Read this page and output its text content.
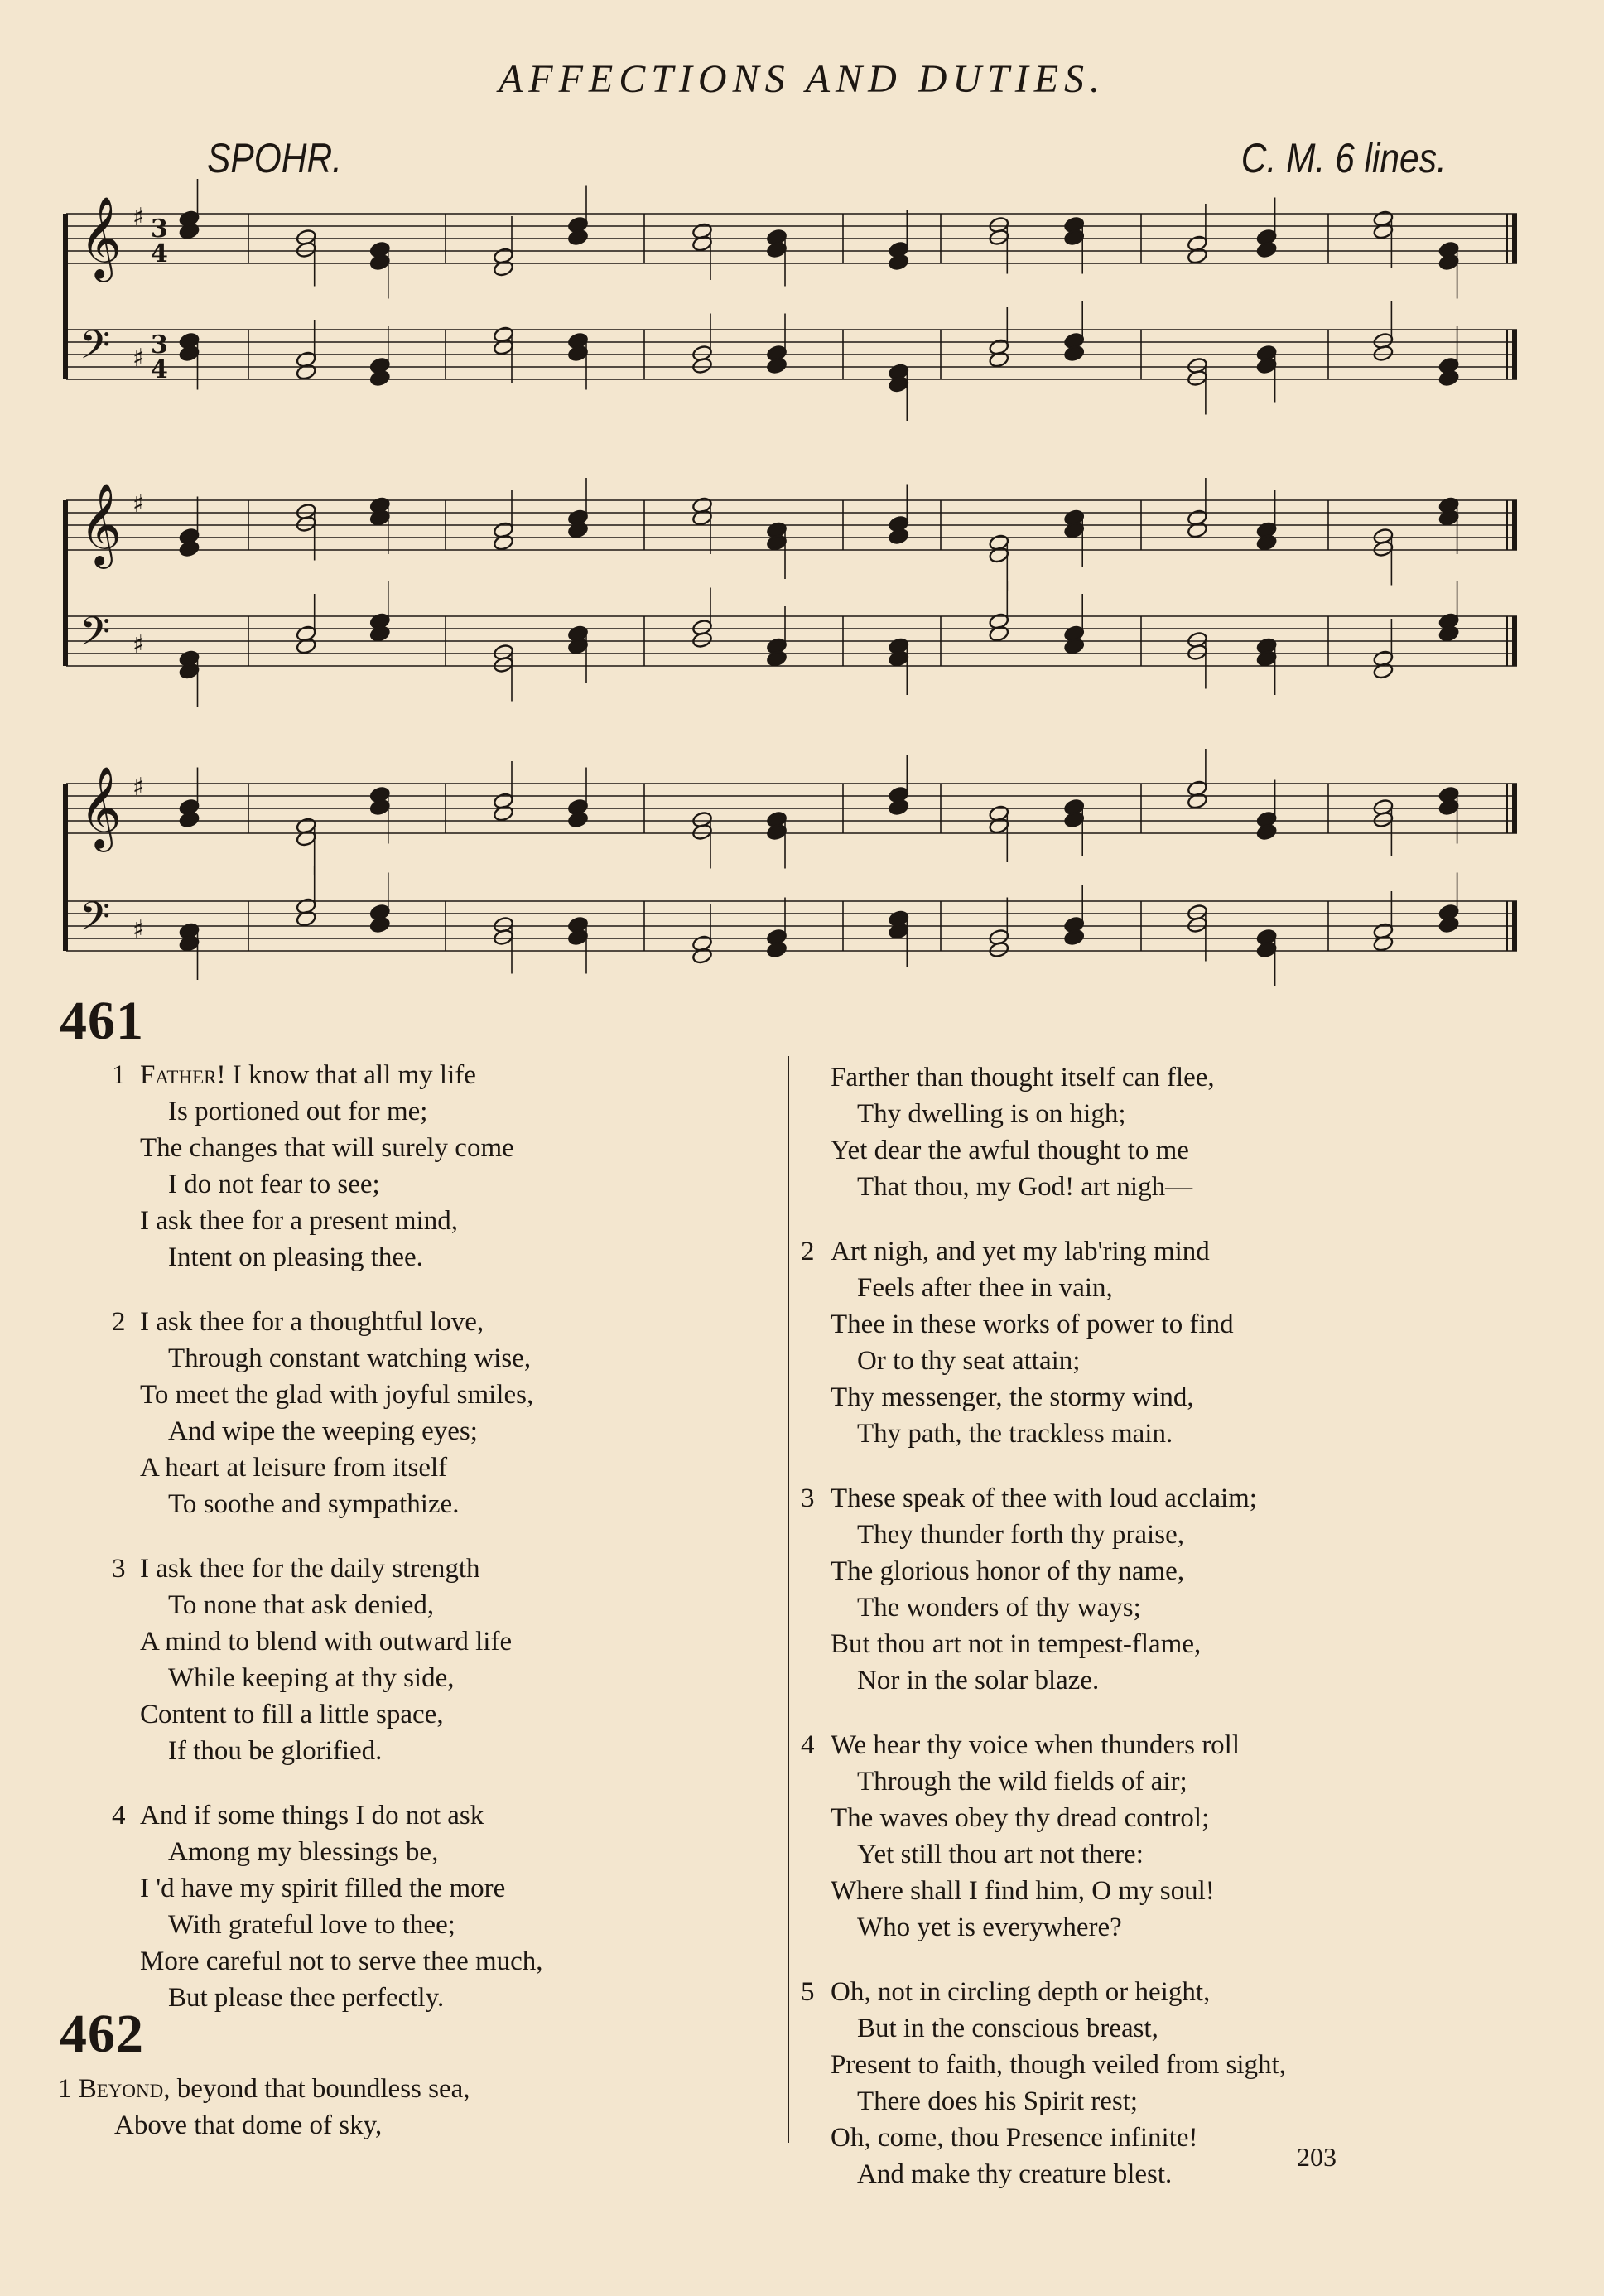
AFFECTIONS AND DUTIES.
SPOHR.	C. M. 6 lines.
𝄞 ♯ 3
4
𝄢 ♯ 3
4
𝄞 ♯
𝄢 ♯
𝄞 ♯
𝄢 ♯
461
1 Father! I know that all my life
Is portioned out for me;
The changes that will surely come
I do not fear to see;
I ask thee for a present mind,
Intent on pleasing thee.
2 I ask thee for a thoughtful love,
Through constant watching wise,
To meet the glad with joyful smiles,
And wipe the weeping eyes;
A heart at leisure from itself
To soothe and sympathize.
3 I ask thee for the daily strength
To none that ask denied,
A mind to blend with outward life
While keeping at thy side,
Content to fill a little space,
If thou be glorified.
4 And if some things I do not ask
Among my blessings be,
I 'd have my spirit filled the more
With grateful love to thee;
More careful not to serve thee much,
But please thee perfectly.
462
1 Beyond, beyond that boundless sea,
Above that dome of sky,
Farther than thought itself can flee,
Thy dwelling is on high;
Yet dear the awful thought to me
That thou, my God! art nigh—
2 Art nigh, and yet my lab'ring mind
Feels after thee in vain,
Thee in these works of power to find
Or to thy seat attain;
Thy messenger, the stormy wind,
Thy path, the trackless main.
3 These speak of thee with loud acclaim;
They thunder forth thy praise,
The glorious honor of thy name,
The wonders of thy ways;
But thou art not in tempest-flame,
Nor in the solar blaze.
4 We hear thy voice when thunders roll
Through the wild fields of air;
The waves obey thy dread control;
Yet still thou art not there:
Where shall I find him, O my soul!
Who yet is everywhere?
5 Oh, not in circling depth or height,
But in the conscious breast,
Present to faith, though veiled from sight,
There does his Spirit rest;
Oh, come, thou Presence infinite!
And make thy creature blest.
203
